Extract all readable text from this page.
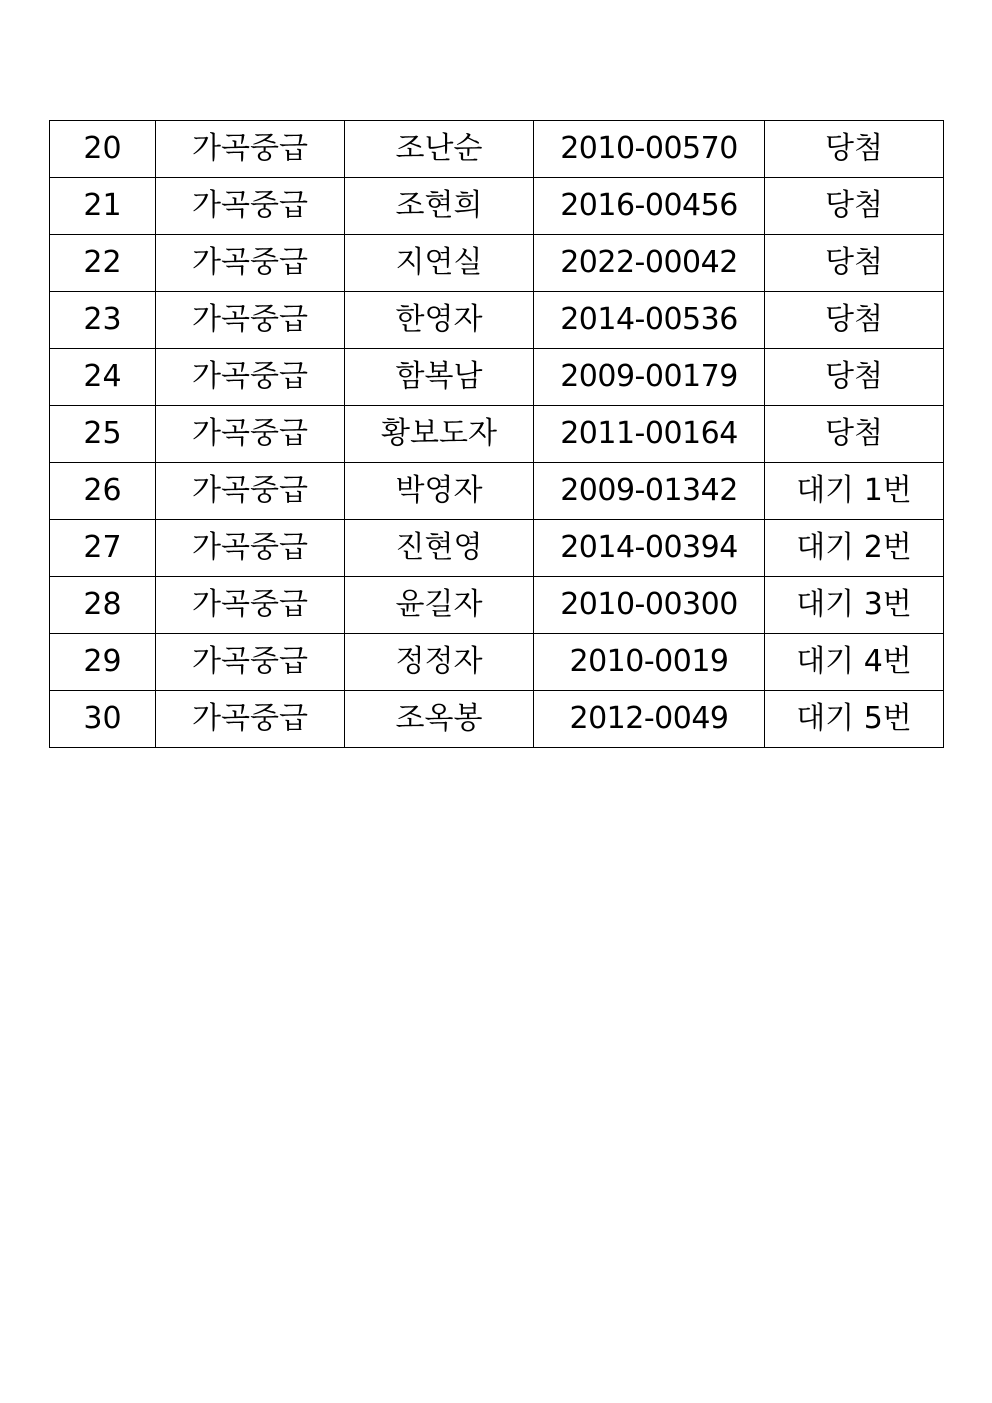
20	가곡중급	조난순	2010-00570	당첨
21	가곡중급	조현희	2016-00456	당첨
22	가곡중급	지연실	2022-00042	당첨
23	가곡중급	한영자	2014-00536	당첨
24	가곡중급	함복남	2009-00179	당첨
25	가곡중급	황보도자	2011-00164	당첨
26	가곡중급	박영자	2009-01342	대기 1번
27	가곡중급	진현영	2014-00394	대기 2번
28	가곡중급	윤길자	2010-00300	대기 3번
29	가곡중급	정정자	2010-0019	대기 4번
30	가곡중급	조옥봉	2012-0049	대기 5번
